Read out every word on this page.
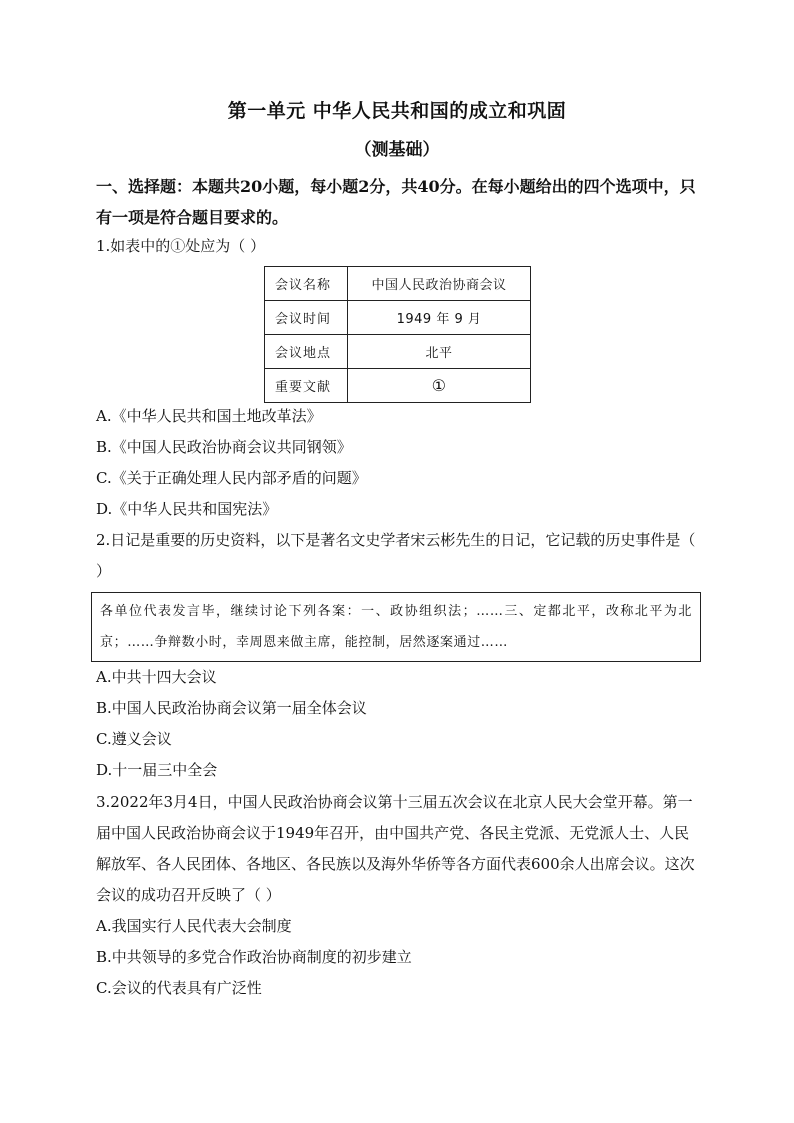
第一单元 中华人民共和国的成立和巩固
（测基础）
一、选择题：本题共20小题，每小题2分，共40分。在每小题给出的四个选项中，只有一项是符合题目要求的。
1.如表中的①处应为（ ）
会议名称	中国人民政治协商会议
会议时间	1949 年 9 月
会议地点	北平
重要文献	①
A.《中华人民共和国土地改革法》
B.《中国人民政治协商会议共同钢领》
C.《关于正确处理人民内部矛盾的问题》
D.《中华人民共和国宪法》
2.日记是重要的历史资料，以下是著名文史学者宋云彬先生的日记，它记载的历史事件是（ ）
各单位代表发言毕，继续讨论下列各案：一、政协组织法；……三、定都北平，改称北平为北京；……争辩数小时，幸周恩来做主席，能控制，居然逐案通过……
A.中共十四大会议
B.中国人民政治协商会议第一届全体会议
C.遵义会议
D.十一届三中全会
3.2022年3月4日，中国人民政治协商会议第十三届五次会议在北京人民大会堂开幕。第一届中国人民政治协商会议于1949年召开，由中国共产党、各民主党派、无党派人士、人民解放军、各人民团体、各地区、各民族以及海外华侨等各方面代表600余人出席会议。这次会议的成功召开反映了（ ）
A.我国实行人民代表大会制度
B.中共领导的多党合作政治协商制度的初步建立
C.会议的代表具有广泛性
